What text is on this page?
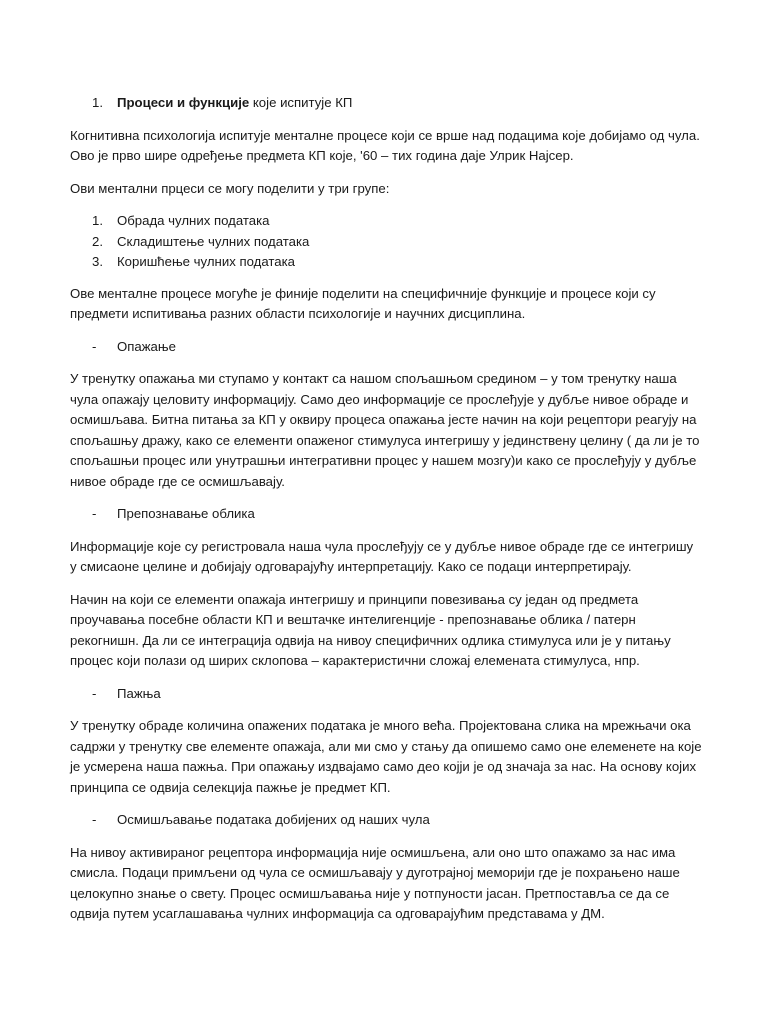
1. Процеси и функције које испитује КП

Когнитивна психологија испитује менталне процесе који се врше над подацима које добијамо од чула. Ово је прво шире одређење предмета КП које, '60 – тих година даје Улрик Најсер.

Ови ментални прцеси се могу поделити у три групе:

1. Обрада чулних података
2. Складиштење чулних података
3. Коришћење чулних података

Ове менталне процесе могуће је финије поделити на специфичније функције и процесе који су предмети испитивања разних области психологије и научних дисциплина.

- Опажање

У тренутку опажања ми ступамо у контакт са нашом спољашњом средином – у том тренутку наша чула опажају целовиту информацију. Само део информације се прослеђује у дубље нивое обраде и осмишљава. Битна питања за КП у оквиру процеса опажања јесте начин на који рецептори реагују на спољашњу дражу, како се елементи опаженог стимулуса интегришу у јединствену целину ( да ли је то спољашњи процес или унутрашњи интегративни процес у нашем мозгу)и како се прослеђују у дубље нивое обраде где се осмишљавају.

- Препознавање облика

Информације које су регистровала наша чула прослеђују се у дубље нивое обраде где се интегришу у смисаоне целине и добијају одговарајућу интерпретацију. Како се подаци интерпретирају.

Начин на који се елементи опажаја интегришу и принципи повезивања су један од предмета проучавања посебне области КП и вештачке интелигенције - препознавање облика / патерн рекогнишн. Да ли се интеграција одвија на нивоу специфичних одлика стимулуса или је у питању процес који полази од ширих склопова – карактеристични сложај елемената стимулуса, нпр.

- Пажња

У тренутку обраде количина опажених података је много већа. Пројектована слика на мрежњачи ока садржи у тренутку све елементе опажаја, али ми смо у стању да опишемо само оне елеменете на које је усмерена наша пажња. При опажању издвајамо само део којји је од значаја за нас. На основу којих принципа се одвија селекција пажње је предмет КП.

- Осмишљавање података добијених од наших чула

На нивоу активираног рецептора информација није осмишљена, али оно што опажамо за нас има смисла. Подаци примљени од чула се осмишљавају у дуготрајној меморији где је похрањено наше целокупно знање о свету. Процес осмишљавања није у потпуности јасан. Претпоставља се да се одвија путем усаглашавања чулних информација са одговарајућим представама у ДМ.
